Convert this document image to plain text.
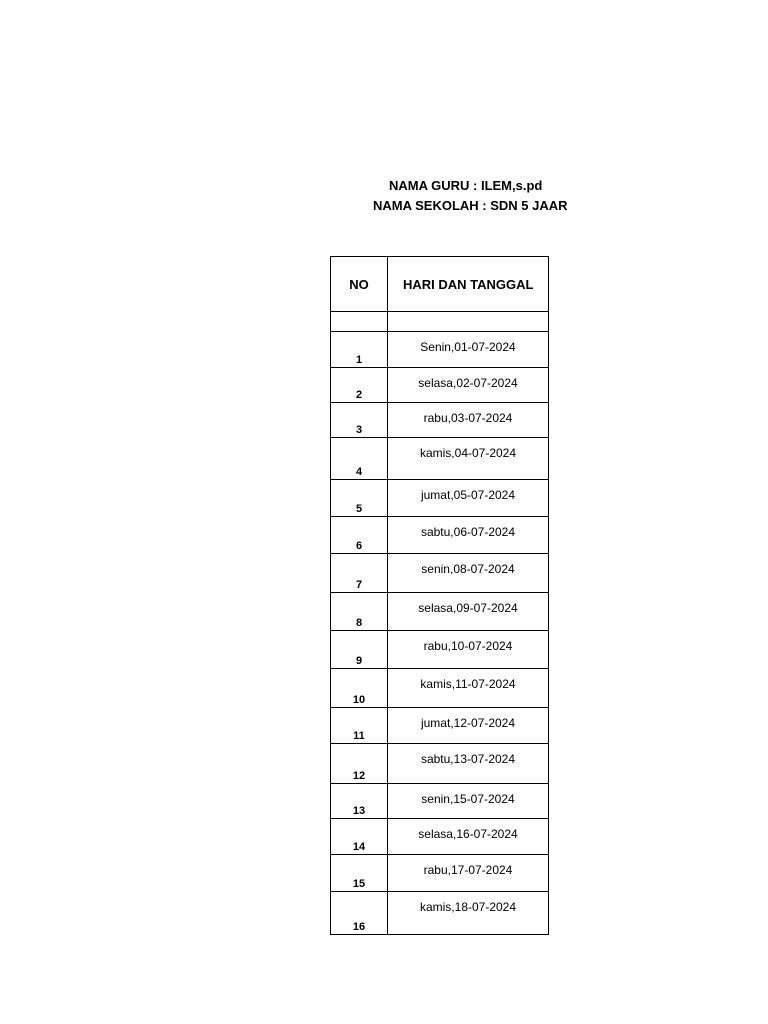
NAMA GURU : ILEM,s.pd
NAMA SEKOLAH : SDN 5 JAAR
NO	HARI DAN TANGGAL

1	Senin,01-07-2024
2	selasa,02-07-2024
3	rabu,03-07-2024
4	kamis,04-07-2024
5	jumat,05-07-2024
6	sabtu,06-07-2024
7	senin,08-07-2024
8	selasa,09-07-2024
9	rabu,10-07-2024
10	kamis,11-07-2024
11	jumat,12-07-2024
12	sabtu,13-07-2024
13	senin,15-07-2024
14	selasa,16-07-2024
15	rabu,17-07-2024
16	kamis,18-07-2024
